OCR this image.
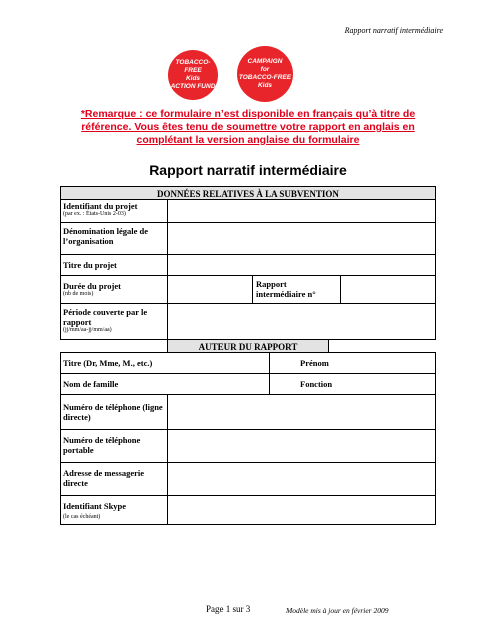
Rapport narratif intermédiaire
TOBACCO-FREE
Kids
ACTION FUND
CAMPAIGN
for
TOBACCO-FREE
Kids
*Remarque : ce formulaire n’est disponible en français qu’à titre de référence. Vous êtes tenu de soumettre votre rapport en anglais en complétant la version anglaise du formulaire
Rapport narratif intermédiaire
DONNÉES RELATIVES À LA SUBVENTION
Identifiant du projet
(par ex. : États-Unis 2-03)
Dénomination légale de l’organisation
Titre du projet
Durée du projet
(nb de mois)
Rapport intermédiaire n°
Période couverte par le rapport
(jj/mm/aa-jj/mm/aa)
AUTEUR DU RAPPORT
Titre (Dr, Mme, M., etc.)	Prénom
Nom de famille	Fonction
Numéro de téléphone (ligne directe)
Numéro de téléphone portable
Adresse de messagerie directe
Identifiant Skype
(le cas échéant)
Page 1 sur 3	Modèle mis à jour en février 2009
